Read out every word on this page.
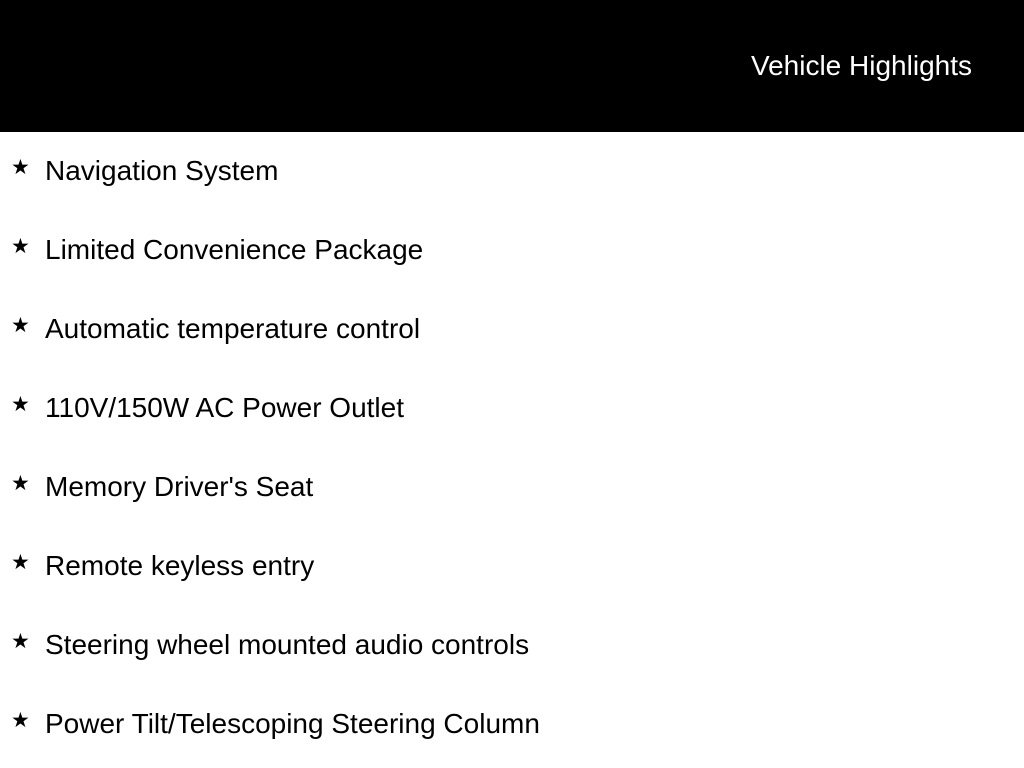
Vehicle Highlights
★ Navigation System
★ Limited Convenience Package
★ Automatic temperature control
★ 110V/150W AC Power Outlet
★ Memory Driver's Seat
★ Remote keyless entry
★ Steering wheel mounted audio controls
★ Power Tilt/Telescoping Steering Column
